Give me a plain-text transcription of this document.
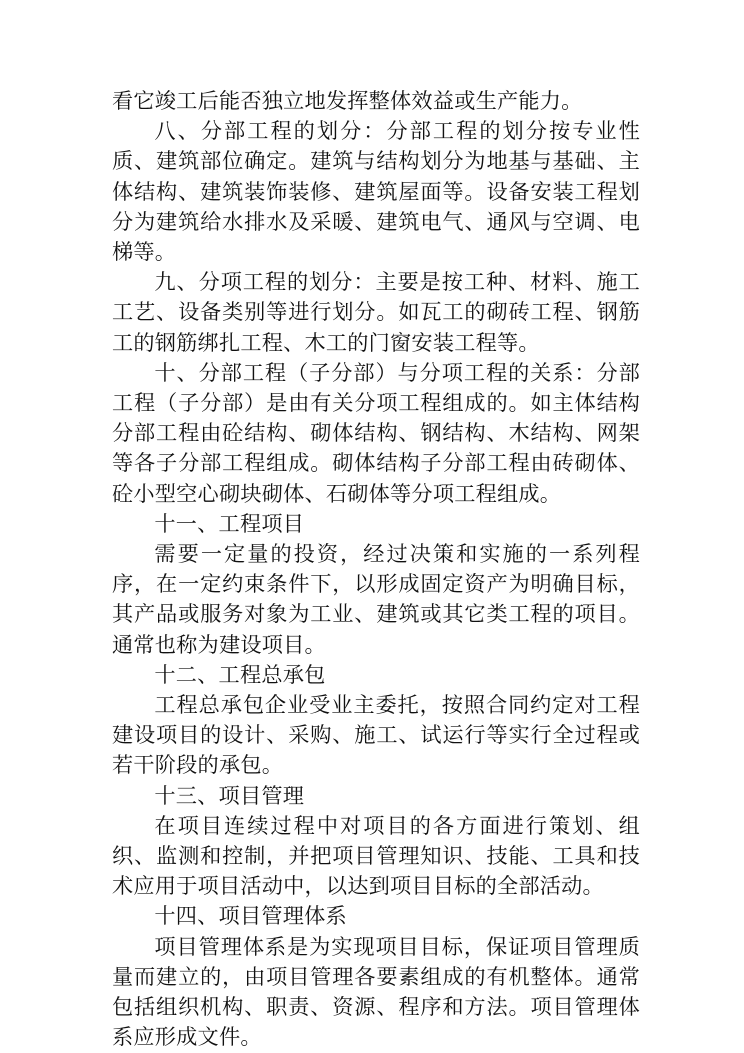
看它竣工后能否独立地发挥整体效益或生产能力。

八、分部工程的划分：分部工程的划分按专业性质、建筑部位确定。建筑与结构划分为地基与基础、主体结构、建筑装饰装修、建筑屋面等。设备安装工程划分为建筑给水排水及采暖、建筑电气、通风与空调、电梯等。

九、分项工程的划分：主要是按工种、材料、施工工艺、设备类别等进行划分。如瓦工的砌砖工程、钢筋工的钢筋绑扎工程、木工的门窗安装工程等。

十、分部工程（子分部）与分项工程的关系：分部工程（子分部）是由有关分项工程组成的。如主体结构分部工程由砼结构、砌体结构、钢结构、木结构、网架等各子分部工程组成。砌体结构子分部工程由砖砌体、砼小型空心砌块砌体、石砌体等分项工程组成。

十一、工程项目

需要一定量的投资，经过决策和实施的一系列程序，在一定约束条件下，以形成固定资产为明确目标，其产品或服务对象为工业、建筑或其它类工程的项目。通常也称为建设项目。

十二、工程总承包

工程总承包企业受业主委托，按照合同约定对工程建设项目的设计、采购、施工、试运行等实行全过程或若干阶段的承包。

十三、项目管理

在项目连续过程中对项目的各方面进行策划、组织、监测和控制，并把项目管理知识、技能、工具和技术应用于项目活动中，以达到项目目标的全部活动。

十四、项目管理体系

项目管理体系是为实现项目目标，保证项目管理质量而建立的，由项目管理各要素组成的有机整体。通常包括组织机构、职责、资源、程序和方法。项目管理体系应形成文件。
